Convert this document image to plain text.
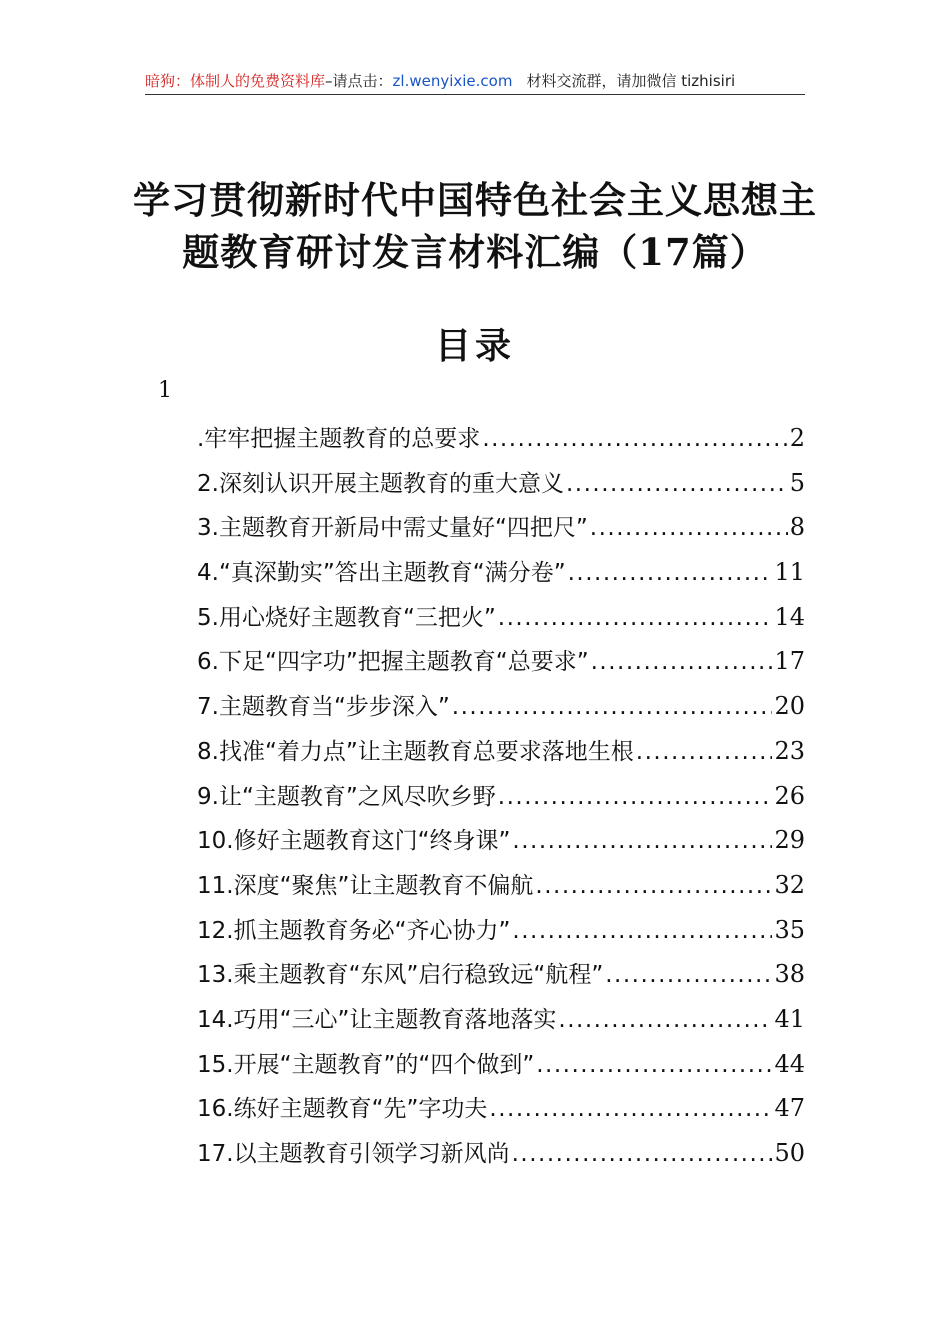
暗狗：体制人的免费资料库–请点击：zl.wenyixie.com 材料交流群，请加微信 tizhisiri
学习贯彻新时代中国特色社会主义思想主
题教育研讨发言材料汇编（17篇）
目录
1
.牢牢把握主题教育的总要求 .....	2
2.深刻认识开展主题教育的重大意义 .....	5
3.主题教育开新局中需丈量好“四把尺” .....	8
4.“真深勤实”答出主题教育“满分卷” .....	11
5.用心烧好主题教育“三把火” .....	14
6.下足“四字功”把握主题教育“总要求” .....	17
7.主题教育当“步步深入” .....	20
8.找准“着力点”让主题教育总要求落地生根 .....	23
9.让“主题教育”之风尽吹乡野 .....	26
10.修好主题教育这门“终身课” .....	29
11.深度“聚焦”让主题教育不偏航 .....	32
12.抓主题教育务必“齐心协力” .....	35
13.乘主题教育“东风”启行稳致远“航程” .....	38
14.巧用“三心”让主题教育落地落实 .....	41
15.开展“主题教育”的“四个做到” .....	44
16.练好主题教育“先”字功夫 .....	47
17.以主题教育引领学习新风尚 .....	50
